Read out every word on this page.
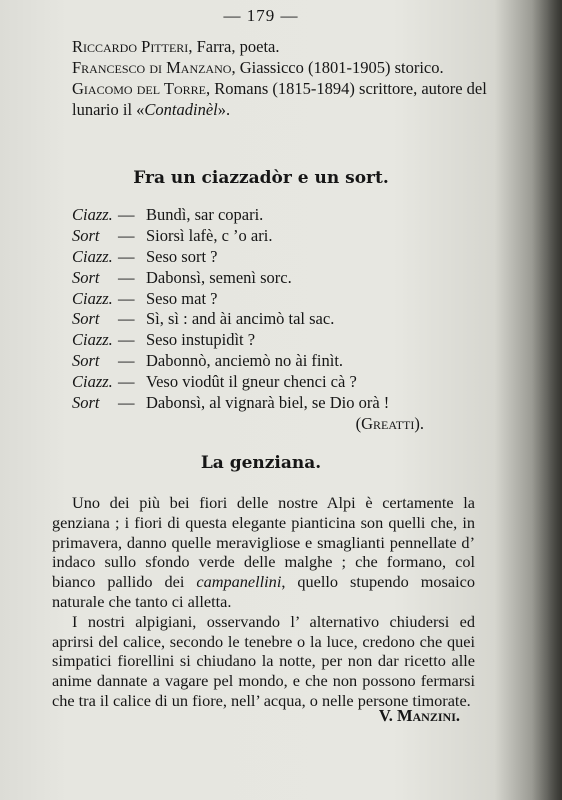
— 179 —
Riccardo Pitteri, Farra, poeta.
Francesco di Manzano, Giassicco (1801-1905) storico.
Giacomo del Torre, Romans (1815-1894) scrittore, autore del lunario il «Contadinèl».
Fra un ciazzadòr e un sort.
Ciazz. — Bundì, sar copari.
Sort	— Siorsì lafè, c ’o ari.
Ciazz. — Seso sort ?
Sort	— Dabonsì, semenì sorc.
Ciazz. — Seso mat ?
Sort	— Sì, sì : and ài ancimò tal sac.
Ciazz. — Seso instupidìt ?
Sort	— Dabonnò, anciemò no ài finìt.
Ciazz. — Veso viodût il gneur chenci cà ?
Sort	— Dabonsì, al vignarà biel, se Dio orà !
(Greatti).
La genziana.

Uno dei più bei fiori delle nostre Alpi è certamente la genziana ; i fiori di questa elegante pianticina son quelli che, in primavera, danno quelle meravigliose e smaglianti pennellate d’ indaco sullo sfondo verde delle malghe ; che formano, col bianco pallido dei campanellini, quello stupendo mosaico naturale che tanto ci alletta.

I nostri alpigiani, osservando l’ alternativo chiudersi ed aprirsi del calice, secondo le tenebre o la luce, credono che quei simpatici fiorellini si chiudano la notte, per non dar ricetto alle anime dannate a vagare pel mondo, e che non possono fermarsi che tra il calice di un fiore, nell’ acqua, o nelle persone timorate.

V. Manzini.
